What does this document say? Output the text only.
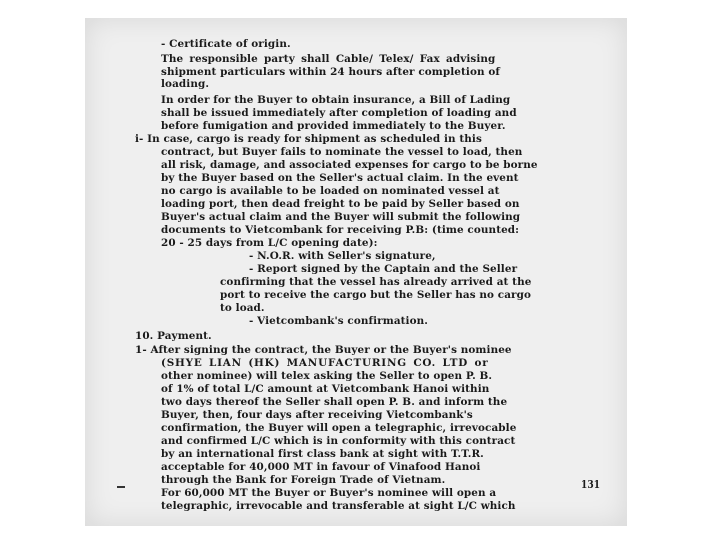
- Certificate of origin.
The responsible party shall Cable/ Telex/ Fax advising
shipment particulars within 24 hours after completion of
loading.
In order for the Buyer to obtain insurance, a Bill of Lading
shall be issued immediately after completion of loading and
before fumigation and provided immediately to the Buyer.
i- In case, cargo is ready for shipment as scheduled in this
contract, but Buyer fails to nominate the vessel to load, then
all risk, damage, and associated expenses for cargo to be borne
by the Buyer based on the Seller's actual claim. In the event
no cargo is available to be loaded on nominated vessel at
loading port, then dead freight to be paid by Seller based on
Buyer's actual claim and the Buyer will submit the following
documents to Vietcombank for receiving P.B: (time counted:
20 - 25 days from L/C opening date):
- N.O.R. with Seller's signature,
- Report signed by the Captain and the Seller
confirming that the vessel has already arrived at the
port to receive the cargo but the Seller has no cargo
to load.
- Vietcombank's confirmation.
10. Payment.
1- After signing the contract, the Buyer or the Buyer's nominee
(SHYE LIAN (HK) MANUFACTURING CO. LTD or
other nominee) will telex asking the Seller to open P. B.
of 1% of total L/C amount at Vietcombank Hanoi within
two days thereof the Seller shall open P. B. and inform the
Buyer, then, four days after receiving Vietcombank's
confirmation, the Buyer will open a telegraphic, irrevocable
and confirmed L/C which is in conformity with this contract
by an international first class bank at sight with T.T.R.
acceptable for 40,000 MT in favour of Vinafood Hanoi
through the Bank for Foreign Trade of Vietnam.
For 60,000 MT the Buyer or Buyer's nominee will open a
telegraphic, irrevocable and transferable at sight L/C which
131
